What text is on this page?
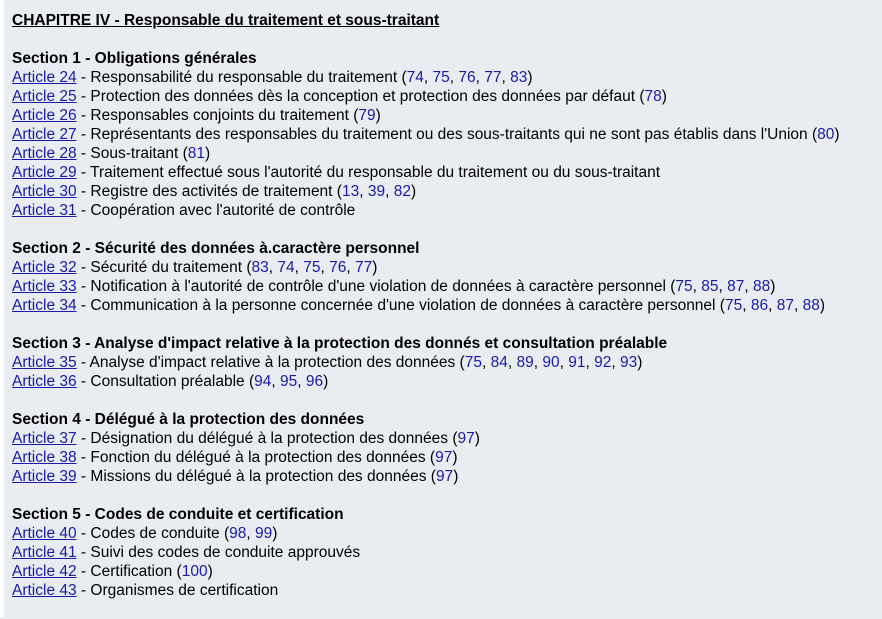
CHAPITRE IV - Responsable du traitement et sous-traitant
Section 1 - Obligations générales
Article 24 - Responsabilité du responsable du traitement (74, 75, 76, 77, 83)
Article 25 - Protection des données dès la conception et protection des données par défaut (78)
Article 26 - Responsables conjoints du traitement (79)
Article 27 - Représentants des responsables du traitement ou des sous-traitants qui ne sont pas établis dans l'Union (80)
Article 28 - Sous-traitant (81)
Article 29 - Traitement effectué sous l'autorité du responsable du traitement ou du sous-traitant
Article 30 - Registre des activités de traitement (13, 39, 82)
Article 31 - Coopération avec l'autorité de contrôle
Section 2 - Sécurité des données à.caractère personnel
Article 32 - Sécurité du traitement (83, 74, 75, 76, 77)
Article 33 - Notification à l'autorité de contrôle d'une violation de données à caractère personnel (75, 85, 87, 88)
Article 34 - Communication à la personne concernée d'une violation de données à caractère personnel (75, 86, 87, 88)
Section 3 - Analyse d'impact relative à la protection des donnés et consultation préalable
Article 35 - Analyse d'impact relative à la protection des données (75, 84, 89, 90, 91, 92, 93)
Article 36 - Consultation préalable (94, 95, 96)
Section 4 - Délégué à la protection des données
Article 37 - Désignation du délégué à la protection des données (97)
Article 38 - Fonction du délégué à la protection des données (97)
Article 39 - Missions du délégué à la protection des données (97)
Section 5 - Codes de conduite et certification
Article 40 - Codes de conduite (98, 99)
Article 41 - Suivi des codes de conduite approuvés
Article 42 - Certification (100)
Article 43 - Organismes de certification
